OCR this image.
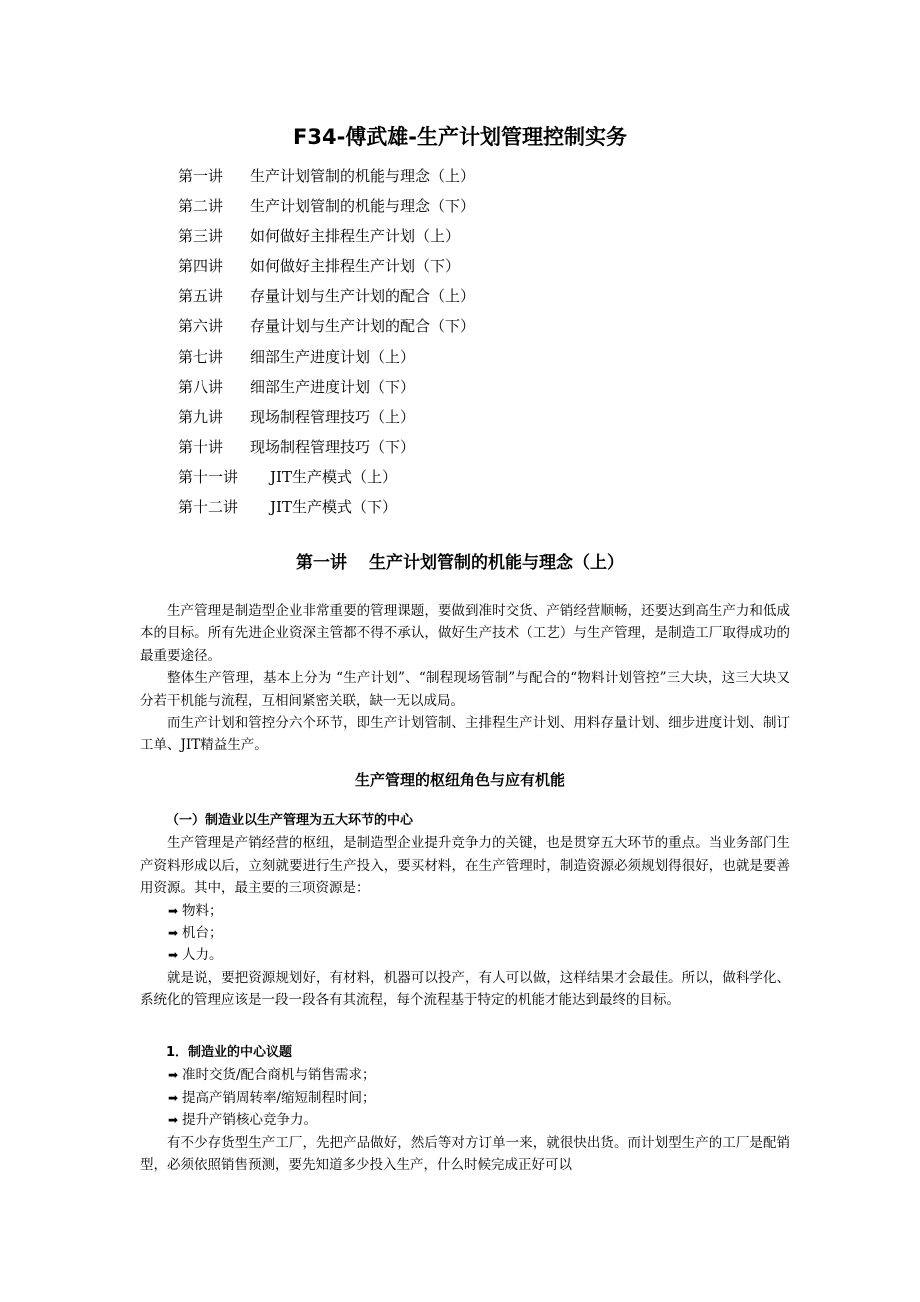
F34-傅武雄-生产计划管理控制实务
第一讲 生产计划管制的机能与理念（上）
第二讲 生产计划管制的机能与理念（下）
第三讲 如何做好主排程生产计划（上）
第四讲 如何做好主排程生产计划（下）
第五讲 存量计划与生产计划的配合（上）
第六讲 存量计划与生产计划的配合（下）
第七讲 细部生产进度计划（上）
第八讲 细部生产进度计划（下）
第九讲 现场制程管理技巧（上）
第十讲 现场制程管理技巧（下）
第十一讲 JIT生产模式（上）
第十二讲 JIT生产模式（下）
第一讲 生产计划管制的机能与理念（上）

生产管理是制造型企业非常重要的管理课题，要做到准时交货、产销经营顺畅，还要达到高生产力和低成本的目标。所有先进企业资深主管都不得不承认，做好生产技术（工艺）与生产管理，是制造工厂取得成功的最重要途径。

整体生产管理，基本上分为 “生产计划”、“制程现场管制”与配合的“物料计划管控”三大块，这三大块又分若干机能与流程，互相间紧密关联，缺一无以成局。

而生产计划和管控分六个环节，即生产计划管制、主排程生产计划、用料存量计划、细步进度计划、制订工单、JIT精益生产。

生产管理的枢纽角色与应有机能

（一）制造业以生产管理为五大环节的中心

生产管理是产销经营的枢纽，是制造型企业提升竞争力的关键，也是贯穿五大环节的重点。当业务部门生产资料形成以后，立刻就要进行生产投入，要买材料，在生产管理时，制造资源必须规划得很好，也就是要善用资源。其中，最主要的三项资源是：

➡ 物料；

➡ 机台；

➡ 人力。

就是说，要把资源规划好，有材料，机器可以投产，有人可以做，这样结果才会最佳。所以，做科学化、系统化的管理应该是一段一段各有其流程，每个流程基于特定的机能才能达到最终的目标。

1．制造业的中心议题

➡ 准时交货/配合商机与销售需求；

➡ 提高产销周转率/缩短制程时间；

➡ 提升产销核心竞争力。

有不少存货型生产工厂，先把产品做好，然后等对方订单一来，就很快出货。而计划型生产的工厂是配销型，必须依照销售预测，要先知道多少投入生产，什么时候完成正好可以
